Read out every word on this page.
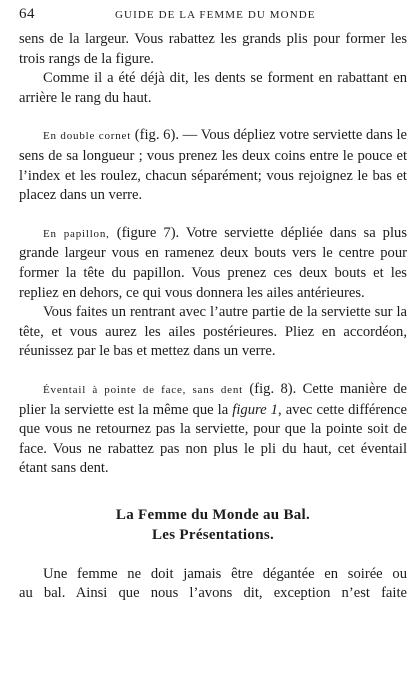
64	GUIDE DE LA FEMME DU MONDE

sens de la largeur. Vous rabattez les grands plis pour former les trois rangs de la figure.

Comme il a été déjà dit, les dents se forment en rabattant en arrière le rang du haut.

En double cornet (fig. 6). — Vous dépliez votre serviette dans le sens de sa longueur ; vous prenez les deux coins entre le pouce et l’index et les roulez, chacun séparément; vous rejoignez le bas et placez dans un verre.

En papillon, (figure 7). Votre serviette dépliée dans sa plus grande largeur vous en ramenez deux bouts vers le centre pour former la tête du papillon. Vous prenez ces deux bouts et les repliez en dehors, ce qui vous donnera les ailes antérieures.

Vous faites un rentrant avec l’autre partie de la serviette sur la tête, et vous aurez les ailes postérieures. Pliez en accordéon, réunissez par le bas et mettez dans un verre.

Éventail à pointe de face, sans dent (fig. 8). Cette manière de plier la serviette est la même que la figure 1, avec cette différence que vous ne retournez pas la serviette, pour que la pointe soit de face. Vous ne rabattez pas non plus le pli du haut, cet éventail étant sans dent.

La Femme du Monde au Bal.

Les Présentations.

Une femme ne doit jamais être dégantée en soirée ou

au bal. Ainsi que nous l’avons dit, exception n’est faite
